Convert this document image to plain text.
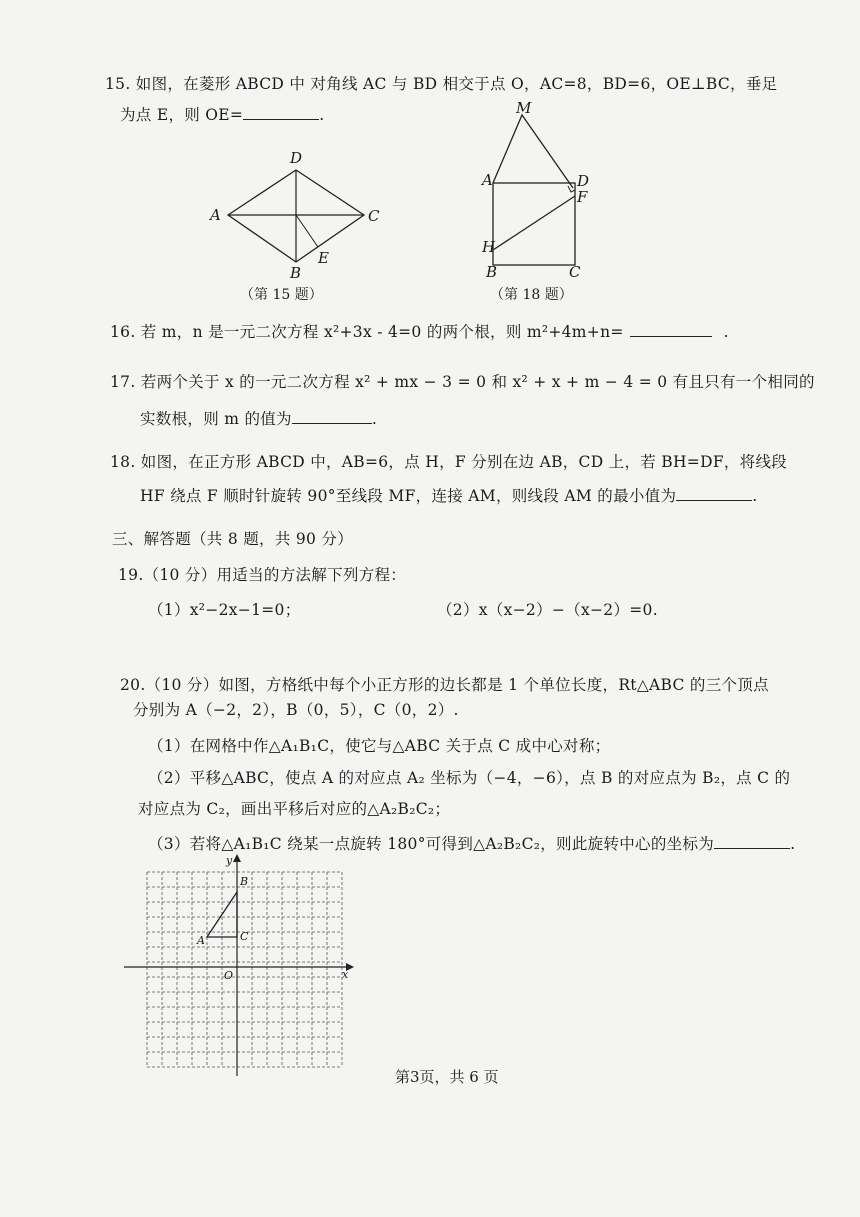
15. 如图，在菱形 ABCD 中 对角线 AC 与 BD 相交于点 O，AC=8，BD=6，OE⊥BC，垂足
为点 E，则 OE=	.
D
A	C
B
E
（第 15 题）
M
A	D
F
H
B	C
（第 18 题）
16. 若 m，n 是一元二次方程 x²+3x - 4=0 的两个根，则 m²+4m+n=	.
17. 若两个关于 x 的一元二次方程 x² + mx − 3 = 0 和 x² + x + m − 4 = 0 有且只有一个相同的
实数根，则 m 的值为	.
18. 如图，在正方形 ABCD 中，AB=6，点 H，F 分别在边 AB，CD 上，若 BH=DF，将线段
HF 绕点 F 顺时针旋转 90°至线段 MF，连接 AM，则线段 AM 的最小值为	.
三、解答题（共 8 题，共 90 分）
19.（10 分）用适当的方法解下列方程：
（1）x²−2x−1=0；	（2）x（x−2）−（x−2）=0.
20.（10 分）如图，方格纸中每个小正方形的边长都是 1 个单位长度，Rt△ABC 的三个顶点
分别为 A（−2，2），B（0，5），C（0，2）.
（1）在网格中作△A₁B₁C，使它与△ABC 关于点 C 成中心对称；
（2）平移△ABC，使点 A 的对应点 A₂ 坐标为（−4，−6），点 B 的对应点为 B₂，点 C 的
对应点为 C₂，画出平移后对应的△A₂B₂C₂；
（3）若将△A₁B₁C 绕某一点旋转 180°可得到△A₂B₂C₂，则此旋转中心的坐标为	.
y
x
O
A
B
C
第3页，共 6 页
